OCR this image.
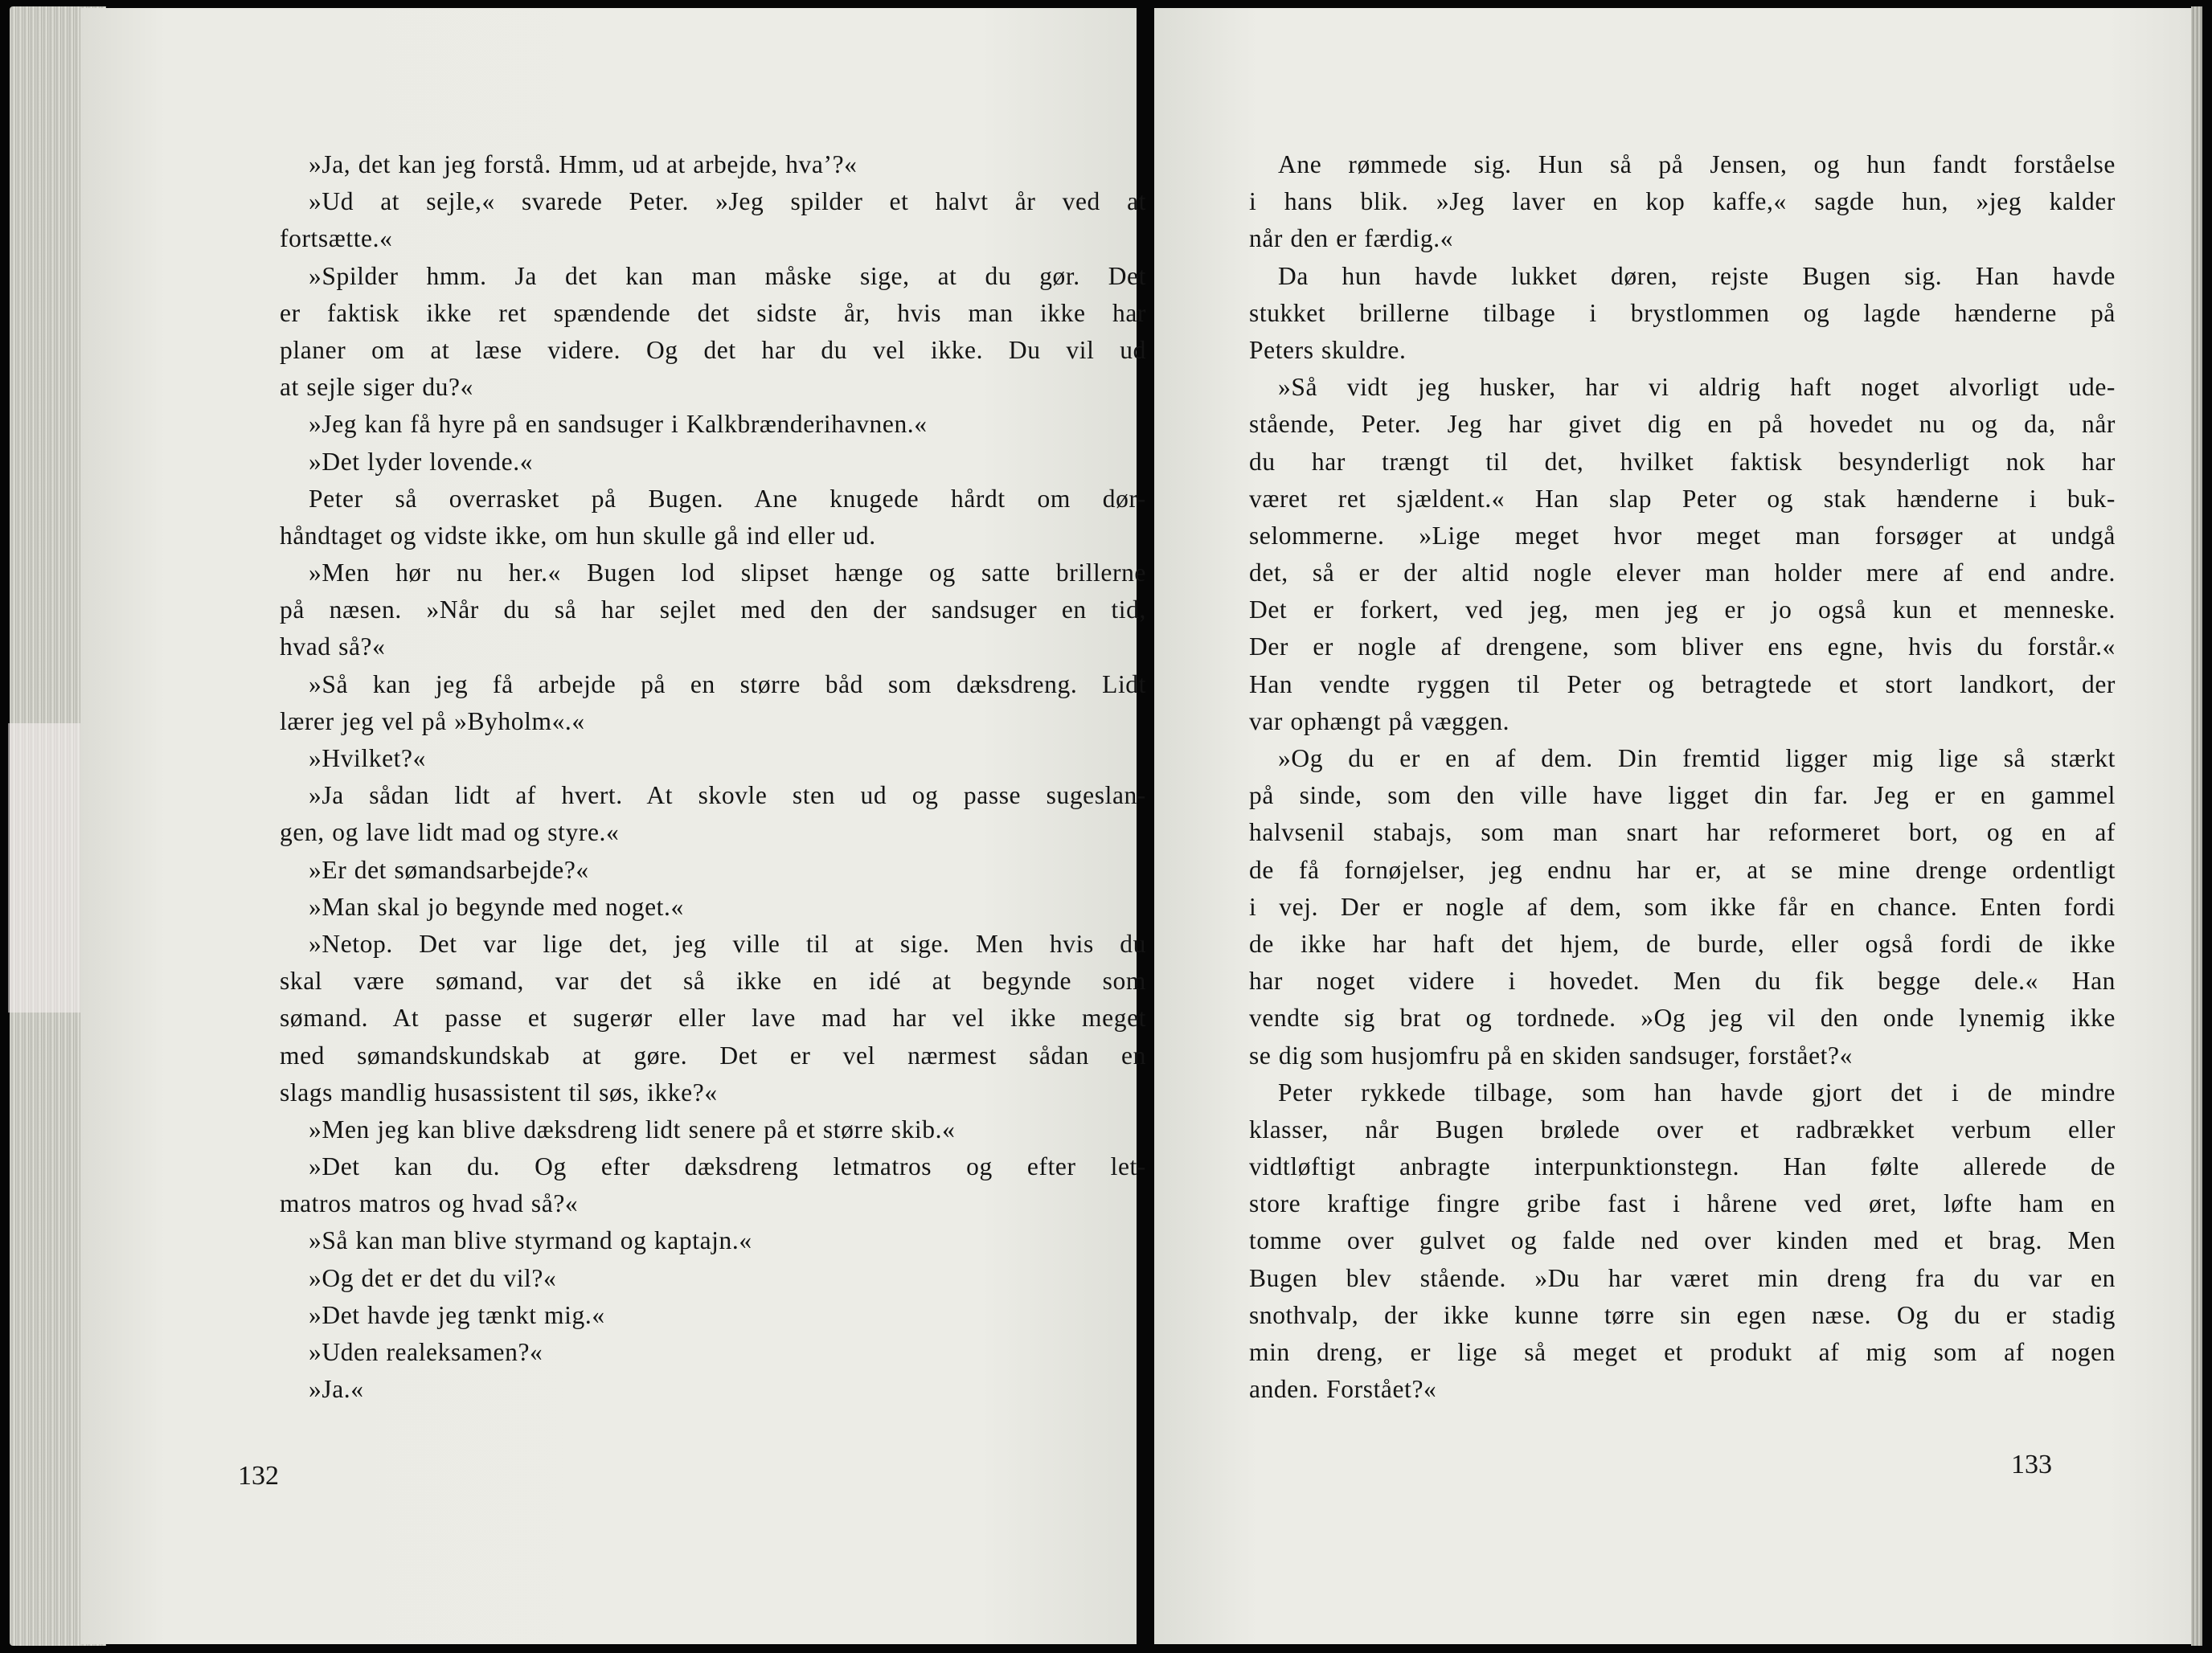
»Ja, det kan jeg forstå. Hmm, ud at arbejde, hva’?«
»Ud at sejle,« svarede Peter. »Jeg spilder et halvt år ved at
fortsætte.«
»Spilder hmm. Ja det kan man måske sige, at du gør. Det
er faktisk ikke ret spændende det sidste år, hvis man ikke har
planer om at læse videre. Og det har du vel ikke. Du vil ud
at sejle siger du?«
»Jeg kan få hyre på en sandsuger i Kalkbrænderihavnen.«
»Det lyder lovende.«
Peter så overrasket på Bugen. Ane knugede hårdt om dør-
håndtaget og vidste ikke, om hun skulle gå ind eller ud.
»Men hør nu her.« Bugen lod slipset hænge og satte brillerne
på næsen. »Når du så har sejlet med den der sandsuger en tid,
hvad så?«
»Så kan jeg få arbejde på en større båd som dæksdreng. Lidt
lærer jeg vel på »Byholm«.«
»Hvilket?«
»Ja sådan lidt af hvert. At skovle sten ud og passe sugeslan-
gen, og lave lidt mad og styre.«
»Er det sømandsarbejde?«
»Man skal jo begynde med noget.«
»Netop. Det var lige det, jeg ville til at sige. Men hvis du
skal være sømand, var det så ikke en idé at begynde som
sømand. At passe et sugerør eller lave mad har vel ikke meget
med sømandskundskab at gøre. Det er vel nærmest sådan en
slags mandlig husassistent til søs, ikke?«
»Men jeg kan blive dæksdreng lidt senere på et større skib.«
»Det kan du. Og efter dæksdreng letmatros og efter let-
matros matros og hvad så?«
»Så kan man blive styrmand og kaptajn.«
»Og det er det du vil?«
»Det havde jeg tænkt mig.«
»Uden realeksamen?«
»Ja.«
132
Ane rømmede sig. Hun så på Jensen, og hun fandt forståelse
i hans blik. »Jeg laver en kop kaffe,« sagde hun, »jeg kalder
når den er færdig.«
Da hun havde lukket døren, rejste Bugen sig. Han havde
stukket brillerne tilbage i brystlommen og lagde hænderne på
Peters skuldre.
»Så vidt jeg husker, har vi aldrig haft noget alvorligt ude-
stående, Peter. Jeg har givet dig en på hovedet nu og da, når
du har trængt til det, hvilket faktisk besynderligt nok har
været ret sjældent.« Han slap Peter og stak hænderne i buk-
selommerne. »Lige meget hvor meget man forsøger at undgå
det, så er der altid nogle elever man holder mere af end andre.
Det er forkert, ved jeg, men jeg er jo også kun et menneske.
Der er nogle af drengene, som bliver ens egne, hvis du forstår.«
Han vendte ryggen til Peter og betragtede et stort landkort, der
var ophængt på væggen.
»Og du er en af dem. Din fremtid ligger mig lige så stærkt
på sinde, som den ville have ligget din far. Jeg er en gammel
halvsenil stabajs, som man snart har reformeret bort, og en af
de få fornøjelser, jeg endnu har er, at se mine drenge ordentligt
i vej. Der er nogle af dem, som ikke får en chance. Enten fordi
de ikke har haft det hjem, de burde, eller også fordi de ikke
har noget videre i hovedet. Men du fik begge dele.« Han
vendte sig brat og tordnede. »Og jeg vil den onde lynemig ikke
se dig som husjomfru på en skiden sandsuger, forstået?«
Peter rykkede tilbage, som han havde gjort det i de mindre
klasser, når Bugen brølede over et radbrækket verbum eller
vidtløftigt anbragte interpunktionstegn. Han følte allerede de
store kraftige fingre gribe fast i hårene ved øret, løfte ham en
tomme over gulvet og falde ned over kinden med et brag. Men
Bugen blev stående. »Du har været min dreng fra du var en
snothvalp, der ikke kunne tørre sin egen næse. Og du er stadig
min dreng, er lige så meget et produkt af mig som af nogen
anden. Forstået?«
133
